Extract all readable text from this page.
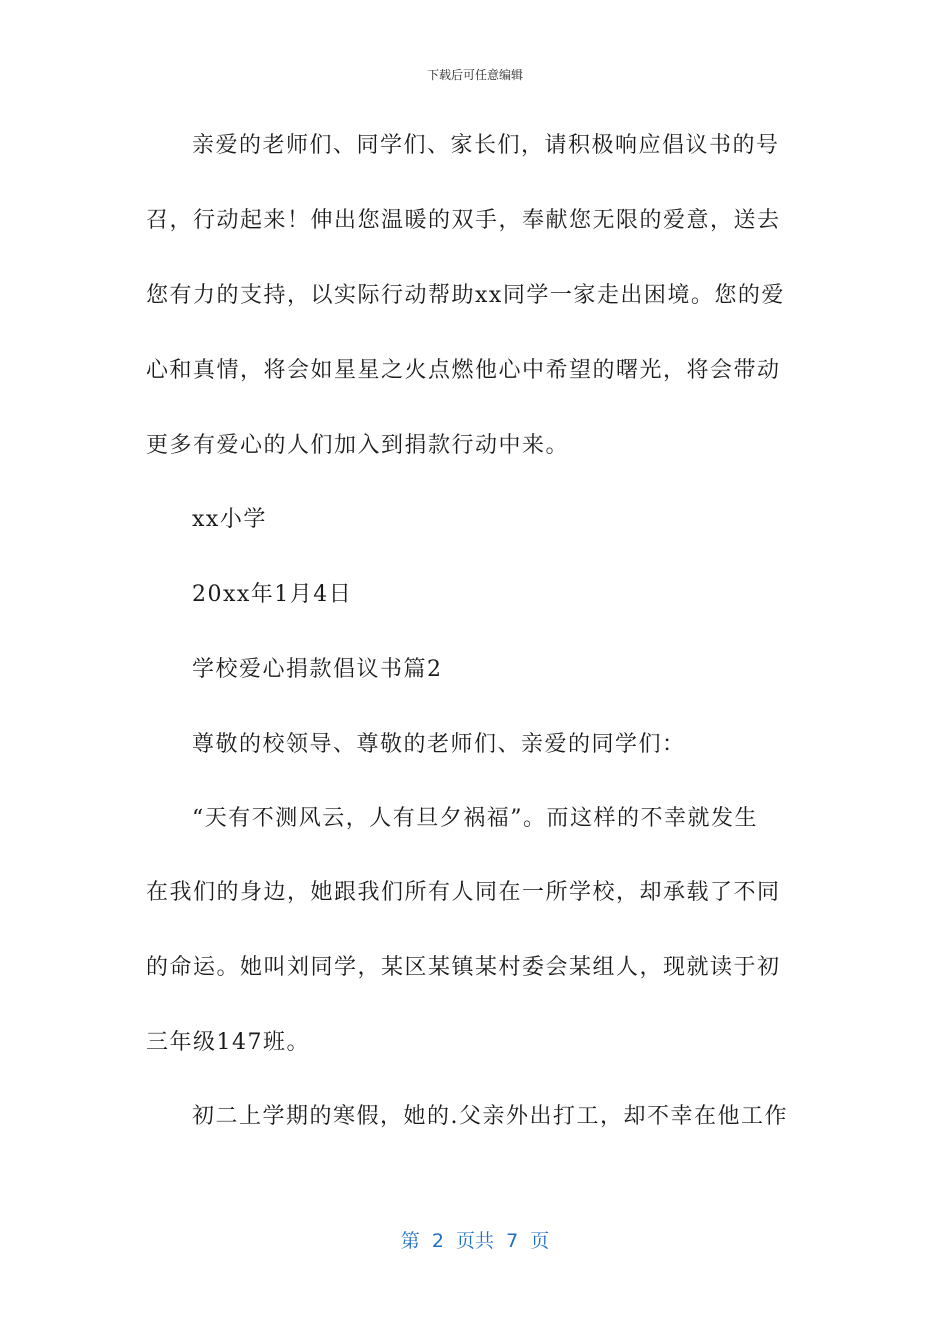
下载后可任意编辑
亲爱的老师们、同学们、家长们，请积极响应倡议书的号
召，行动起来！伸出您温暖的双手，奉献您无限的爱意，送去
您有力的支持，以实际行动帮助xx同学一家走出困境。您的爱
心和真情，将会如星星之火点燃他心中希望的曙光，将会带动
更多有爱心的人们加入到捐款行动中来。
xx小学
20xx年1月4日
学校爱心捐款倡议书篇2
尊敬的校领导、尊敬的老师们、亲爱的同学们：
“天有不测风云，人有旦夕祸福”。而这样的不幸就发生
在我们的身边，她跟我们所有人同在一所学校，却承载了不同
的命运。她叫刘同学，某区某镇某村委会某组人，现就读于初
三年级147班。
初二上学期的寒假，她的.父亲外出打工，却不幸在他工作
第  2  页共  7  页
